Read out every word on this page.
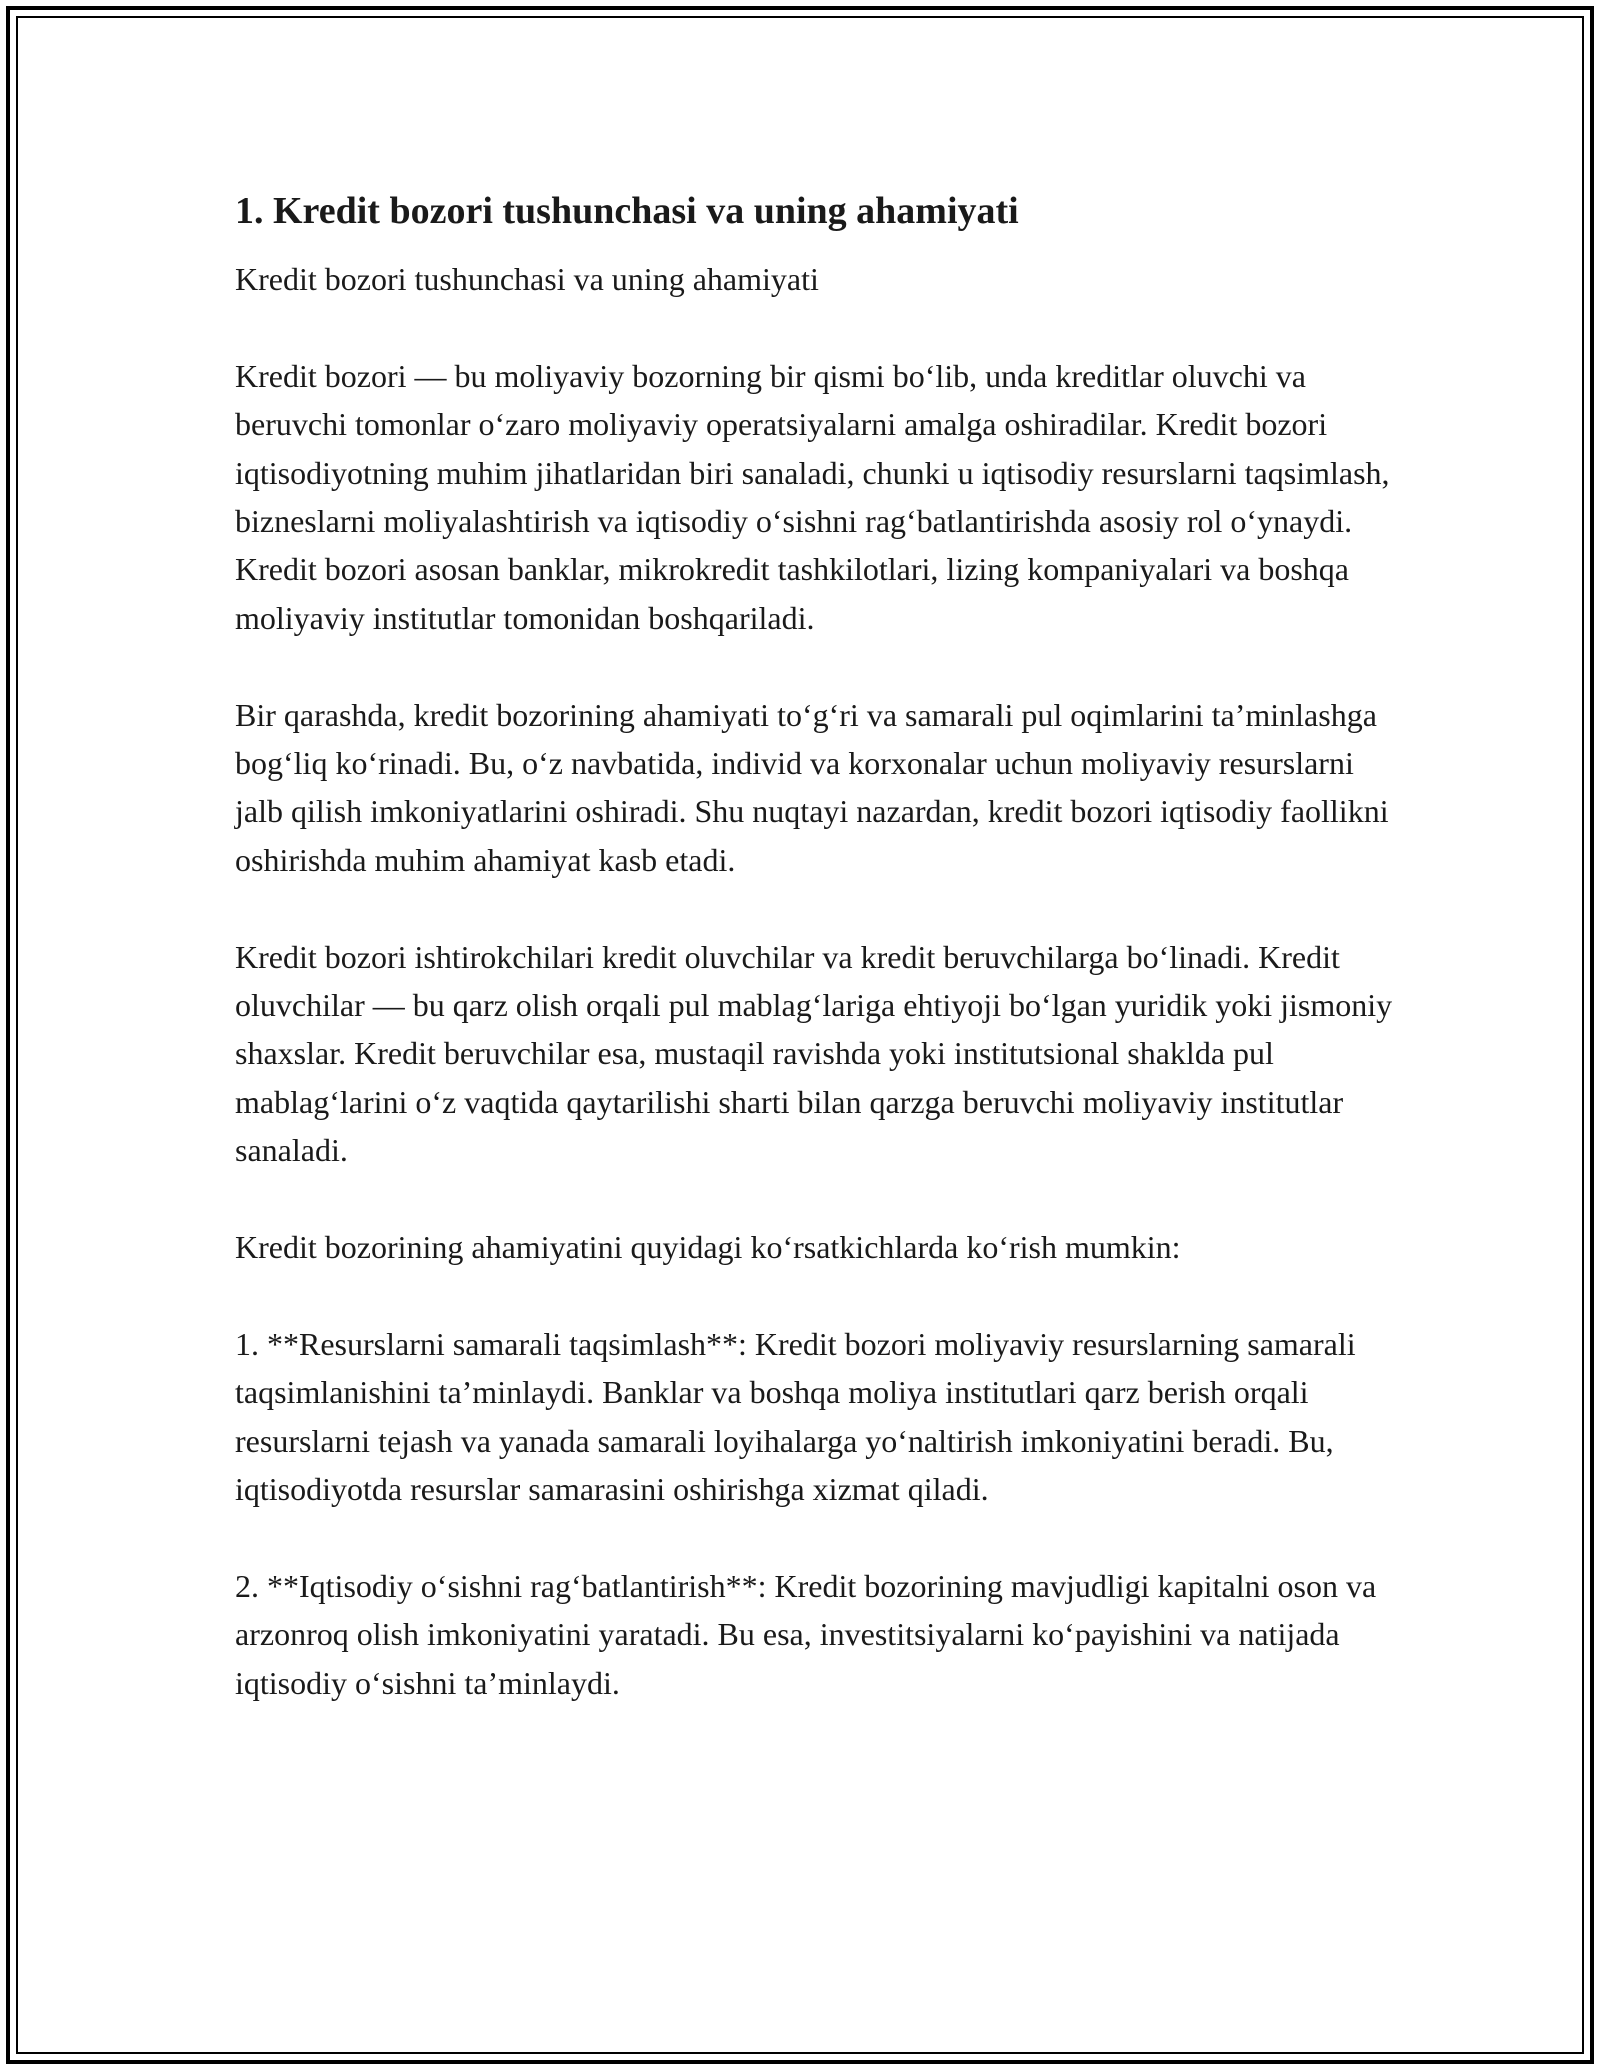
1. Kredit bozori tushunchasi va uning ahamiyati

Kredit bozori tushunchasi va uning ahamiyati

Kredit bozori — bu moliyaviy bozorning bir qismi bo‘lib, unda kreditlar oluvchi va beruvchi tomonlar o‘zaro moliyaviy operatsiyalarni amalga oshiradilar. Kredit bozori iqtisodiyotning muhim jihatlaridan biri sanaladi, chunki u iqtisodiy resurslarni taqsimlash, bizneslarni moliyalashtirish va iqtisodiy o‘sishni rag‘batlantirishda asosiy rol o‘ynaydi. Kredit bozori asosan banklar, mikrokredit tashkilotlari, lizing kompaniyalari va boshqa moliyaviy institutlar tomonidan boshqariladi.

Bir qarashda, kredit bozorining ahamiyati to‘g‘ri va samarali pul oqimlarini ta’minlashga bog‘liq ko‘rinadi. Bu, o‘z navbatida, individ va korxonalar uchun moliyaviy resurslarni jalb qilish imkoniyatlarini oshiradi. Shu nuqtayi nazardan, kredit bozori iqtisodiy faollikni oshirishda muhim ahamiyat kasb etadi.

Kredit bozori ishtirokchilari kredit oluvchilar va kredit beruvchilarga bo‘linadi. Kredit oluvchilar — bu qarz olish orqali pul mablag‘lariga ehtiyoji bo‘lgan yuridik yoki jismoniy shaxslar. Kredit beruvchilar esa, mustaqil ravishda yoki institutsional shaklda pul mablag‘larini o‘z vaqtida qaytarilishi sharti bilan qarzga beruvchi moliyaviy institutlar sanaladi.

Kredit bozorining ahamiyatini quyidagi ko‘rsatkichlarda ko‘rish mumkin:

1. **Resurslarni samarali taqsimlash**: Kredit bozori moliyaviy resurslarning samarali taqsimlanishini ta’minlaydi. Banklar va boshqa moliya institutlari qarz berish orqali resurslarni tejash va yanada samarali loyihalarga yo‘naltirish imkoniyatini beradi. Bu, iqtisodiyotda resurslar samarasini oshirishga xizmat qiladi.

2. **Iqtisodiy o‘sishni rag‘batlantirish**: Kredit bozorining mavjudligi kapitalni oson va arzonroq olish imkoniyatini yaratadi. Bu esa, investitsiyalarni ko‘payishini va natijada iqtisodiy o‘sishni ta’minlaydi.
